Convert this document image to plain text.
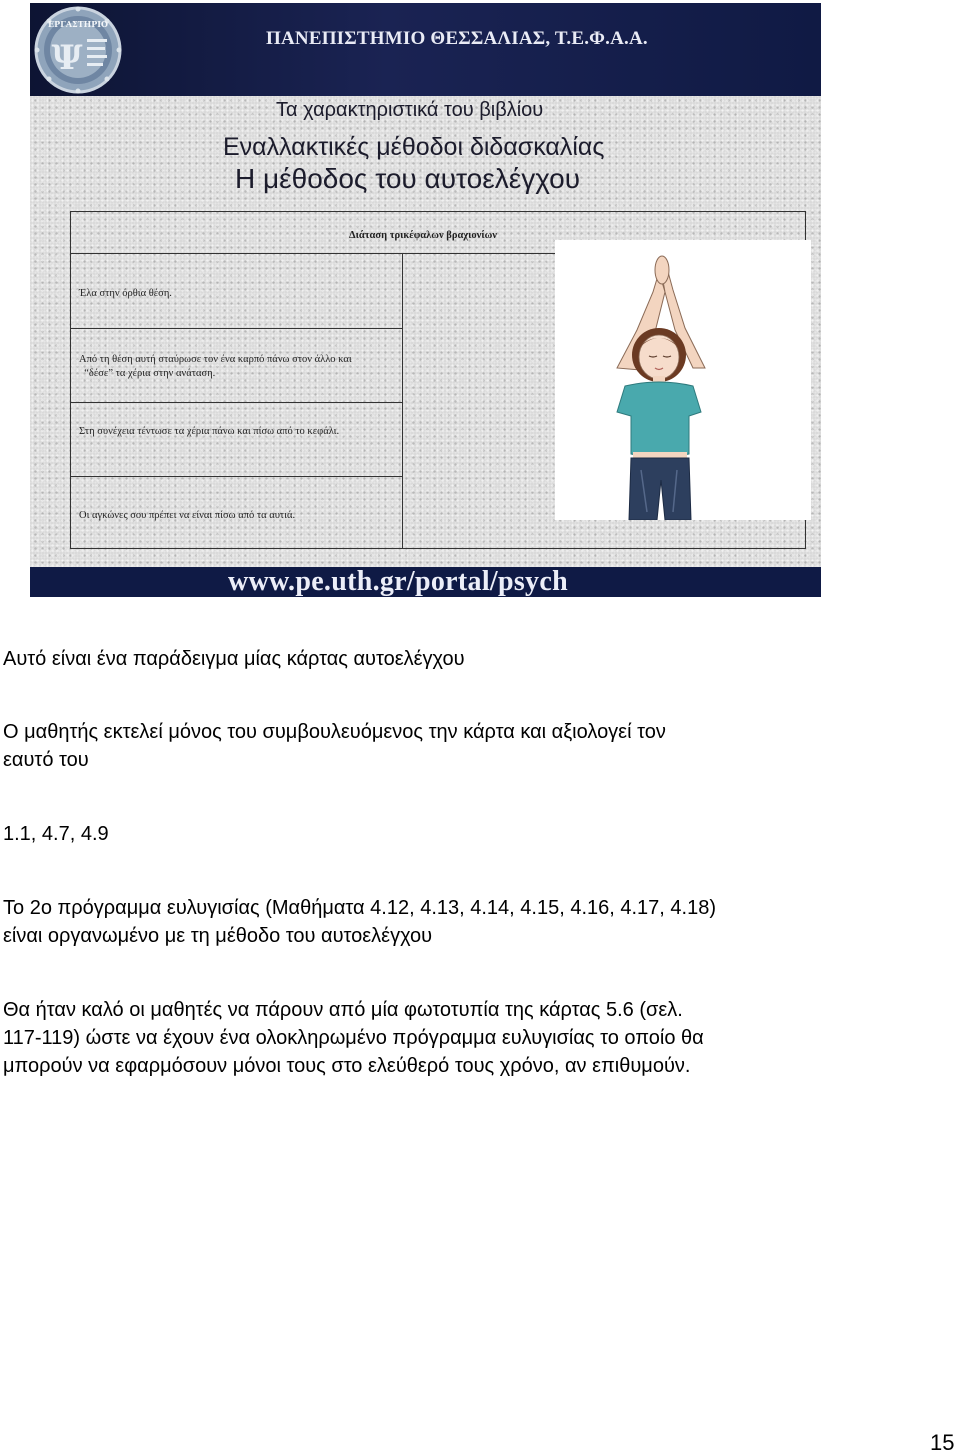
ΕΡΓΑΣΤΗΡΙΟ
Ψ	ΠΑΝΕΠΙΣΤΗΜΙΟ ΘΕΣΣΑΛΙΑΣ, Τ.Ε.Φ.Α.Α.
Τα χαρακτηριστικά του βιβλίου
Εναλλακτικές μέθοδοι διδασκαλίας
Η μέθοδος του αυτοελέγχου
Διάταση τρικέφαλων βραχιονίων
Έλα στην όρθια θέση.
Από τη θέση αυτή σταύρωσε τον ένα καρπό πάνω στον άλλο και
“δέσε” τα χέρια στην ανάταση.
Στη συνέχεια τέντωσε τα χέρια πάνω και πίσω από το κεφάλι.
Οι αγκώνες σου πρέπει να είναι πίσω από τα αυτιά.
www.pe.uth.gr/portal/psych

Αυτό είναι ένα παράδειγμα μίας κάρτας αυτοελέγχου

Ο μαθητής εκτελεί μόνος του συμβουλευόμενος την κάρτα και αξιολογεί τον
εαυτό του

1.1, 4.7, 4.9

Το 2ο πρόγραμμα ευλυγισίας (Μαθήματα 4.12, 4.13, 4.14, 4.15, 4.16, 4.17, 4.18)
είναι οργανωμένο με τη μέθοδο του αυτοελέγχου

Θα ήταν καλό οι μαθητές να πάρουν από μία φωτοτυπία της κάρτας 5.6 (σελ.
117-119) ώστε να έχουν ένα ολοκληρωμένο πρόγραμμα ευλυγισίας το οποίο θα
μπορούν να εφαρμόσουν μόνοι τους στο ελεύθερό τους χρόνο, αν επιθυμούν.

15
